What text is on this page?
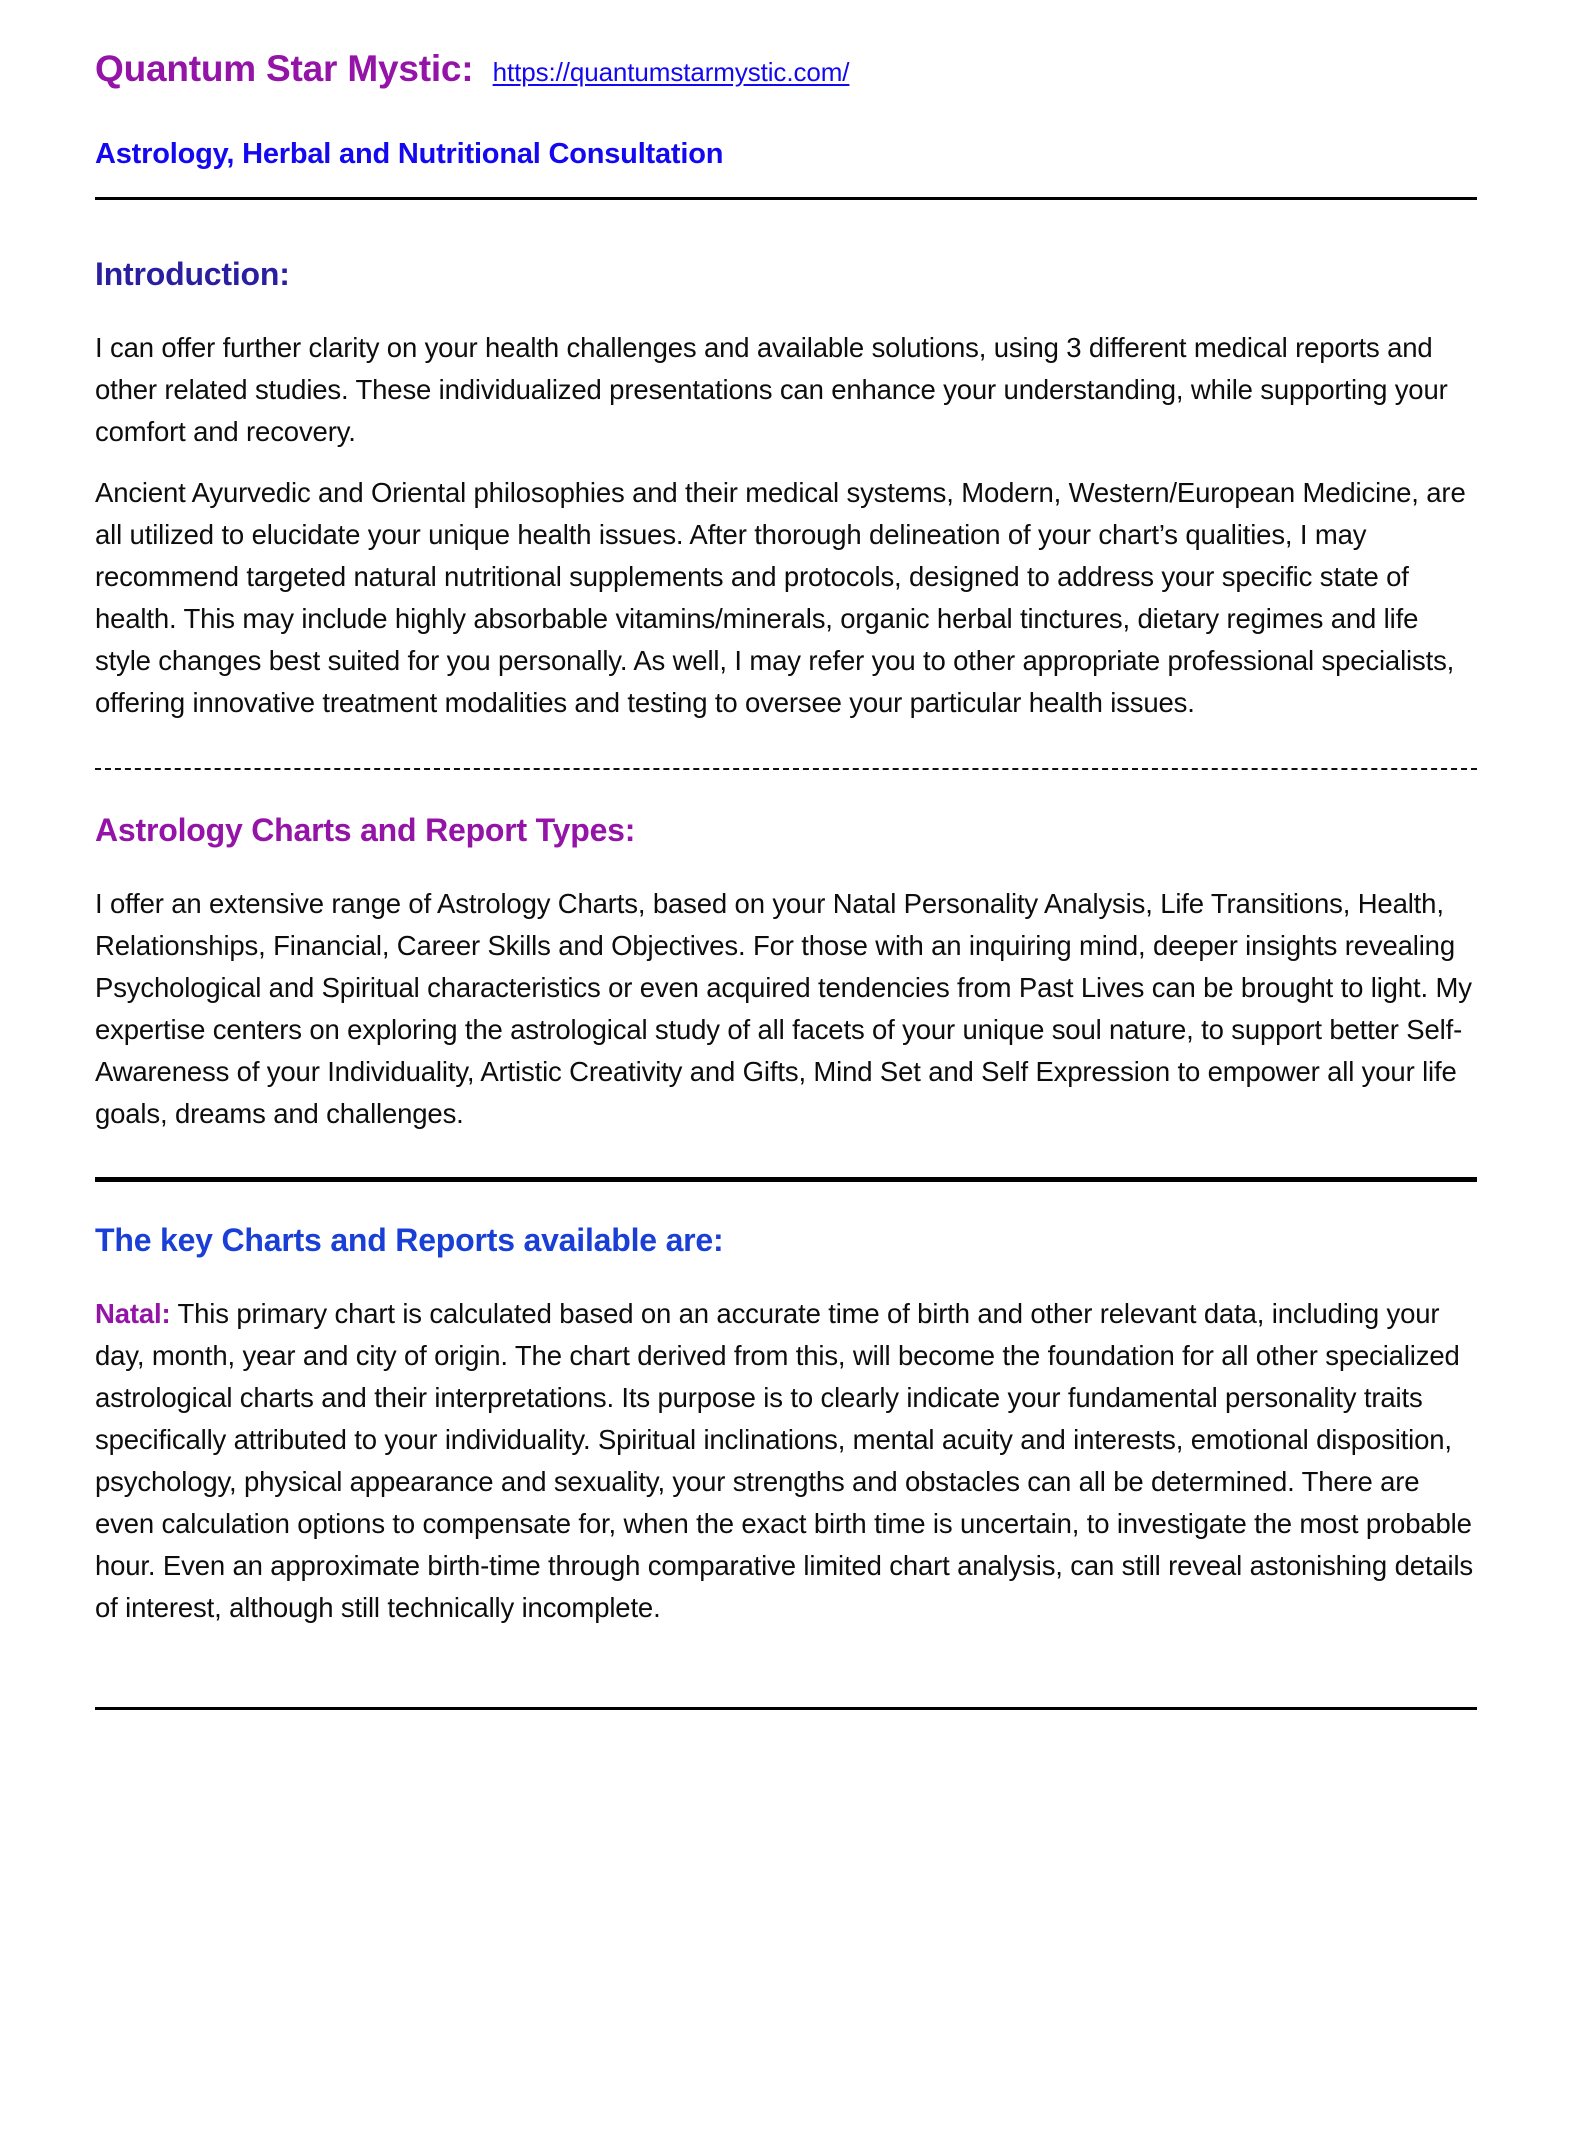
Quantum Star Mystic : https://quantumstarmystic.com/
Astrology, Herbal and Nutritional Consultation
Introduction:

I can offer further clarity on your health challenges and available solutions, using 3 different medical reports and other related studies. These individualized presentations can enhance your understanding, while supporting your comfort and recovery.

Ancient Ayurvedic and Oriental philosophies and their medical systems, Modern, Western/European Medicine, are all utilized to elucidate your unique health issues. After thorough delineation of your chart’s qualities, I may recommend targeted natural nutritional supplements and protocols, designed to address your specific state of health. This may include highly absorbable vitamins/minerals, organic herbal tinctures, dietary regimes and life style changes best suited for you personally. As well, I may refer you to other appropriate professional specialists, offering innovative treatment modalities and testing to oversee your particular health issues.

Astrology Charts and Report Types:

I offer an extensive range of Astrology Charts, based on your Natal Personality Analysis, Life Transitions, Health, Relationships, Financial, Career Skills and Objectives. For those with an inquiring mind, deeper insights revealing Psychological and Spiritual characteristics or even acquired tendencies from Past Lives can be brought to light. My expertise centers on exploring the astrological study of all facets of your unique soul nature, to support better Self-Awareness of your Individuality, Artistic Creativity and Gifts, Mind Set and Self Expression to empower all your life goals, dreams and challenges.

The key Charts and Reports available are:

Natal: This primary chart is calculated based on an accurate time of birth and other relevant data, including your day, month, year and city of origin. The chart derived from this, will become the foundation for all other specialized astrological charts and their interpretations. Its purpose is to clearly indicate your fundamental personality traits specifically attributed to your individuality. Spiritual inclinations, mental acuity and interests, emotional disposition, psychology, physical appearance and sexuality, your strengths and obstacles can all be determined. There are even calculation options to compensate for, when the exact birth time is uncertain, to investigate the most probable hour. Even an approximate birth-time through comparative limited chart analysis, can still reveal astonishing details of interest, although still technically incomplete.
